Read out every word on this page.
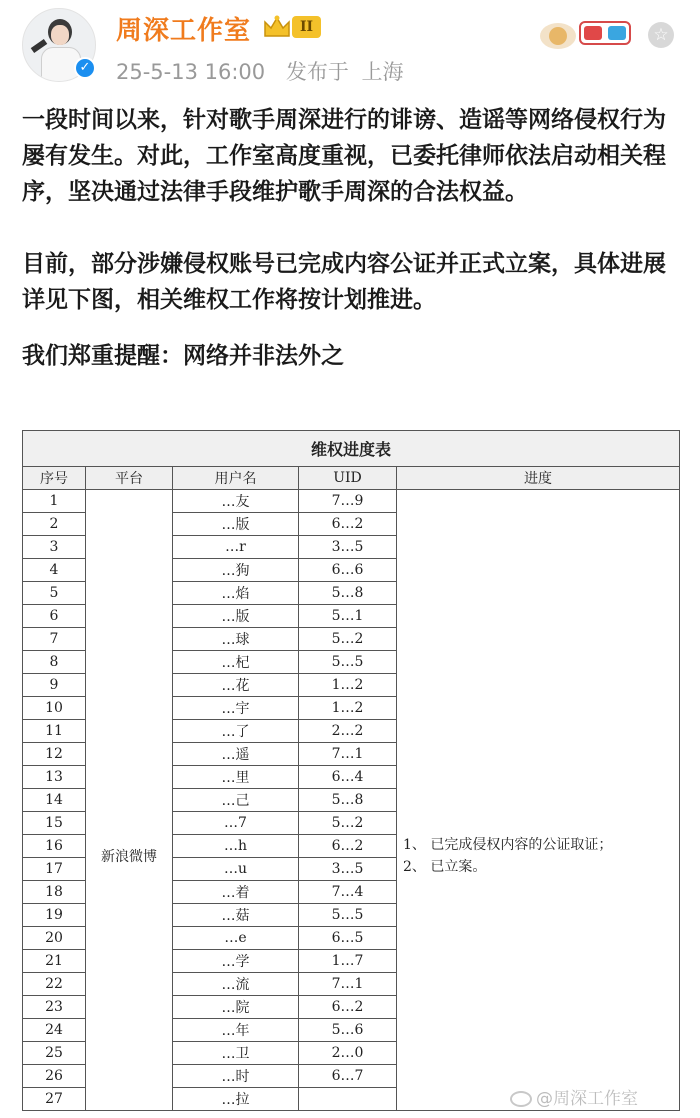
✓
周深工作室	II
25-5-13 16:00 发布于 上海
☆

一段时间以来，针对歌手周深进行的诽谤、造谣等网络侵权行为屡有发生。对此，工作室高度重视，已委托律师依法启动相关程序，坚决通过法律手段维护歌手周深的合法权益。

目前，部分涉嫌侵权账号已完成内容公证并正式立案，具体进展详见下图，相关维权工作将按计划推进。

我们郑重提醒：网络并非法外之

维权进度表				
序号	平台	用户名	UID	进度
1	新浪微博	…友	7…9	1、 已完成侵权内容的公证取证；
2、 已立案。

2		…版	6…2	
3		…r	3…5	
4		…狗	6…6	
5		…焰	5…8	
6		…版	5…1	
7		…球	5…2	
8		…杞	5…5	
9		…花	1…2	
10		…宇	1…2	
11		…了	2…2	
12		…遥	7…1	
13		…里	6…4	
14		…己	5…8	
15		…7	5…2	
16		…h	6…2	
17		…u	3…5	
18		…着	7…4	
19		…菇	5…5	
20		…e	6…5	
21		…学	1…7	
22		…流	7…1	
23		…院	6…2	
24		…年	5…6	
25		…卫	2…0	
26		…时	6…7	
27		…拉			@周深工作室
